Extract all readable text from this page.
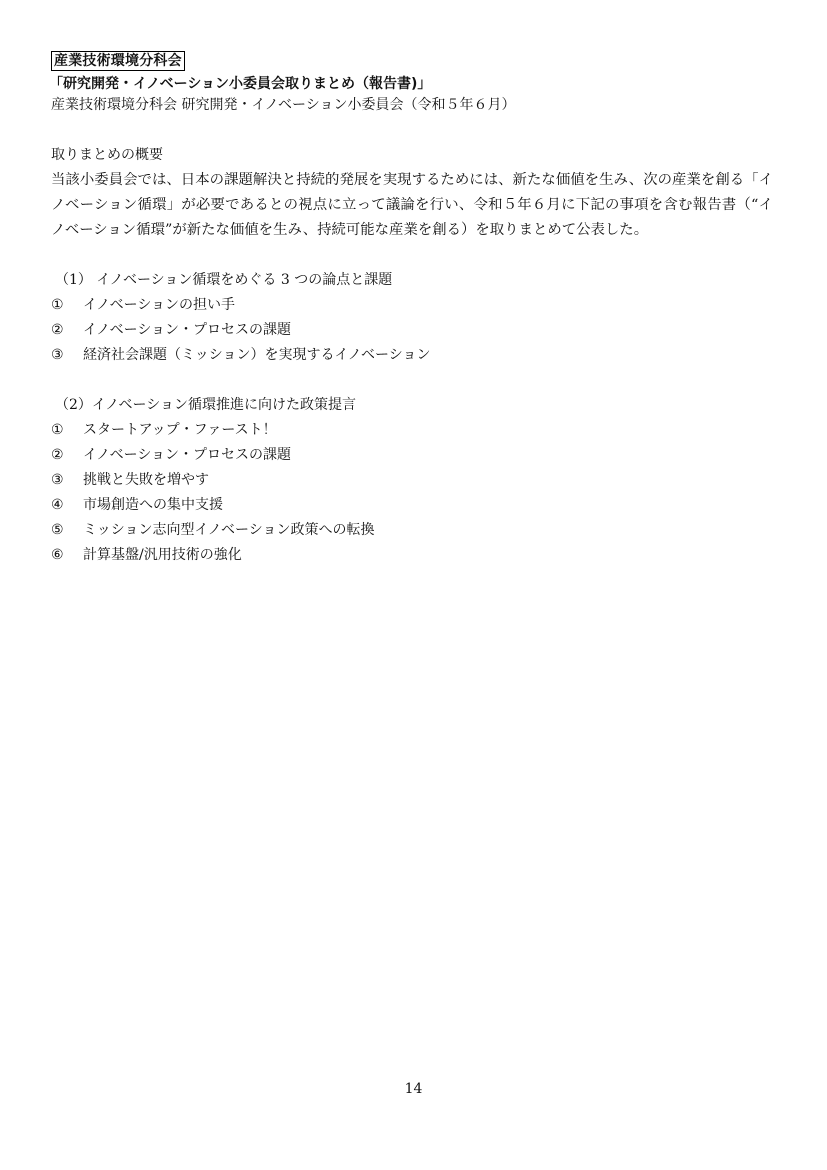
産業技術環境分科会
「研究開発・イノベーション小委員会取りまとめ（報告書)」
産業技術環境分科会 研究開発・イノベーション小委員会（令和５年６月）
取りまとめの概要
当該小委員会では、日本の課題解決と持続的発展を実現するためには、新たな価値を生み、次の産業を創る「イノベーション循環」が必要であるとの視点に立って議論を行い、令和５年６月に下記の事項を含む報告書（“イノベーション循環”が新たな価値を生み、持続可能な産業を創る）を取りまとめて公表した。
（1） イノベーション循環をめぐる 3 つの論点と課題
①	イノベーションの担い手
②	イノベーション・プロセスの課題
③	経済社会課題（ミッション）を実現するイノベーション
（2）イノベーション循環推進に向けた政策提言
①	スタートアップ・ファースト！
②	イノベーション・プロセスの課題
③	挑戦と失敗を増やす
④	市場創造への集中支援
⑤	ミッション志向型イノベーション政策への転換
⑥	計算基盤/汎用技術の強化
14
